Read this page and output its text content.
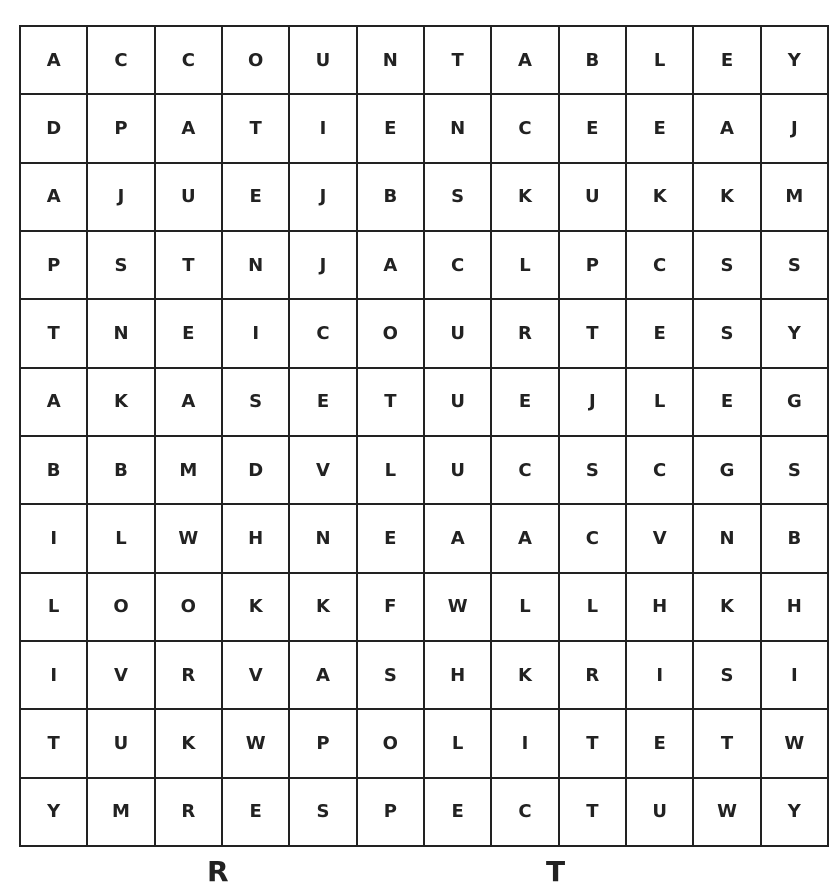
A	C	C	O	U	N	T	A	B	L	E	Y
D	P	A	T	I	E	N	C	E	E	A	J
A	J	U	E	J	B	S	K	U	K	K	M
P	S	T	N	J	A	C	L	P	C	S	S
T	N	E	I	C	O	U	R	T	E	S	Y
A	K	A	S	E	T	U	E	J	L	E	G
B	B	M	D	V	L	U	C	S	C	G	S
I	L	W	H	N	E	A	A	C	V	N	B
L	O	O	K	K	F	W	L	L	H	K	H
I	V	R	V	A	S	H	K	R	I	S	I
T	U	K	W	P	O	L	I	T	E	T	W
Y	M	R	E	S	P	E	C	T	U	W	Y
R	T
